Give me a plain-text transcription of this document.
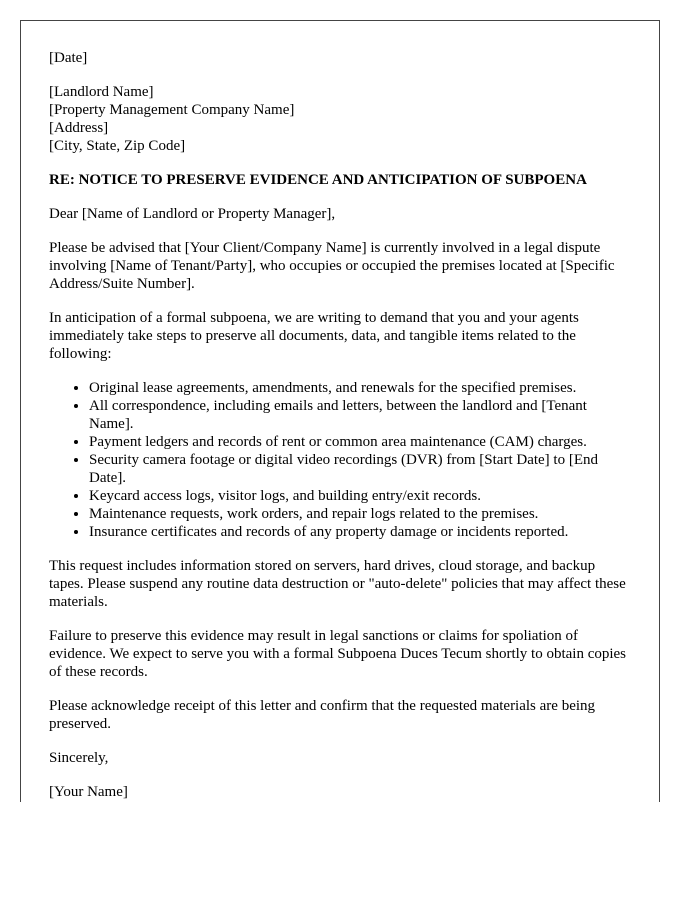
[Date]
[Landlord Name]
[Property Management Company Name]
[Address]
[City, State, Zip Code]
RE: NOTICE TO PRESERVE EVIDENCE AND ANTICIPATION OF SUBPOENA

Dear [Name of Landlord or Property Manager],

Please be advised that [Your Client/Company Name] is currently involved in a legal dispute involving [Name of Tenant/Party], who occupies or occupied the premises located at [Specific Address/Suite Number].

In anticipation of a formal subpoena, we are writing to demand that you and your agents immediately take steps to preserve all documents, data, and tangible items related to the following:

• Original lease agreements, amendments, and renewals for the specified premises.
• All correspondence, including emails and letters, between the landlord and [Tenant Name].
• Payment ledgers and records of rent or common area maintenance (CAM) charges.
• Security camera footage or digital video recordings (DVR) from [Start Date] to [End Date].
• Keycard access logs, visitor logs, and building entry/exit records.
• Maintenance requests, work orders, and repair logs related to the premises.
• Insurance certificates and records of any property damage or incidents reported.

This request includes information stored on servers, hard drives, cloud storage, and backup tapes. Please suspend any routine data destruction or "auto-delete" policies that may affect these materials.

Failure to preserve this evidence may result in legal sanctions or claims for spoliation of evidence. We expect to serve you with a formal Subpoena Duces Tecum shortly to obtain copies of these records.

Please acknowledge receipt of this letter and confirm that the requested materials are being preserved.

Sincerely,

[Your Name]
